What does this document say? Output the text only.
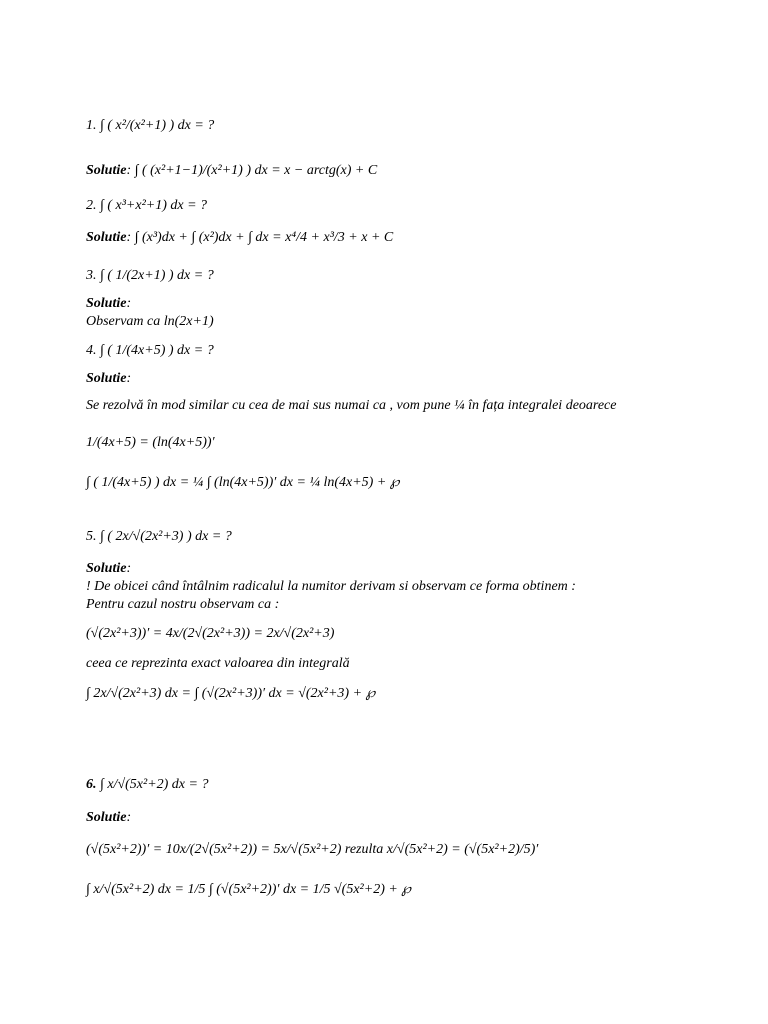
1. ∫ ( x²/(x²+1) ) dx = ?
Solutie: ∫ ( (x²+1−1)/(x²+1) ) dx = x − arctg(x) + C
2. ∫ ( x³+x²+1) dx = ?
Solutie: ∫ (x³)dx + ∫ (x²)dx + ∫ dx = x⁴/4 + x³/3 + x + C
3. ∫ ( 1/(2x+1) ) dx = ?
Solutie:
Observam ca ln(2x+1)
4. ∫ ( 1/(4x+5) ) dx = ?
Solutie:
Se rezolvă în mod similar cu cea de mai sus numai ca , vom pune ¼ în fața integralei deoarece
1/(4x+5) = (ln(4x+5))′
∫ ( 1/(4x+5) ) dx = ¼ ∫ (ln(4x+5))′ dx = ¼ ln(4x+5) + ℘
5. ∫ ( 2x/√(2x²+3) ) dx = ?
Solutie:
! De obicei când întâlnim radicalul la numitor derivam si observam ce forma obtinem :
Pentru cazul nostru observam ca :
(√(2x²+3))′ = 4x/(2√(2x²+3)) = 2x/√(2x²+3)
ceea ce reprezinta exact valoarea din integrală
∫ 2x/√(2x²+3) dx = ∫ (√(2x²+3))′ dx = √(2x²+3) + ℘
6. ∫ x/√(5x²+2) dx = ?
Solutie:
(√(5x²+2))′ = 10x/(2√(5x²+2)) = 5x/√(5x²+2) rezulta x/√(5x²+2) = (√(5x²+2)/5)′
∫ x/√(5x²+2) dx = 1/5 ∫ (√(5x²+2))′ dx = 1/5 √(5x²+2) + ℘
